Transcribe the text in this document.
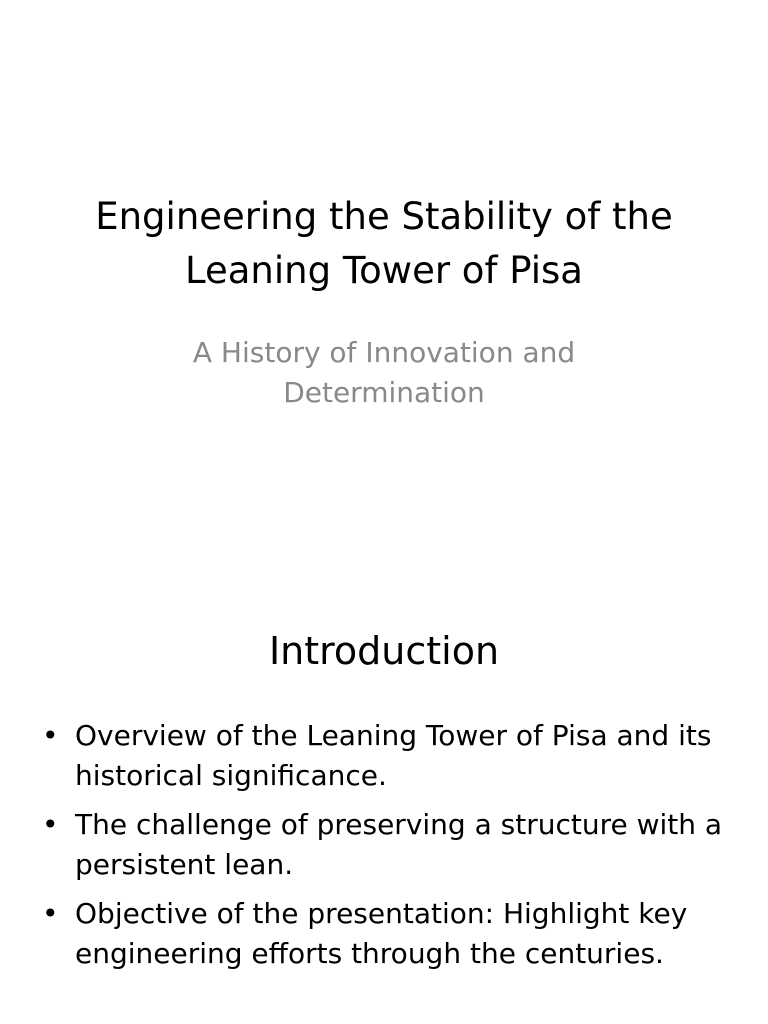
Engineering the Stability of the Leaning Tower of Pisa

A History of Innovation and Determination

Introduction
• Overview of the Leaning Tower of Pisa and its historical significance.
• The challenge of preserving a structure with a persistent lean.
• Objective of the presentation: Highlight key engineering efforts through the centuries.
